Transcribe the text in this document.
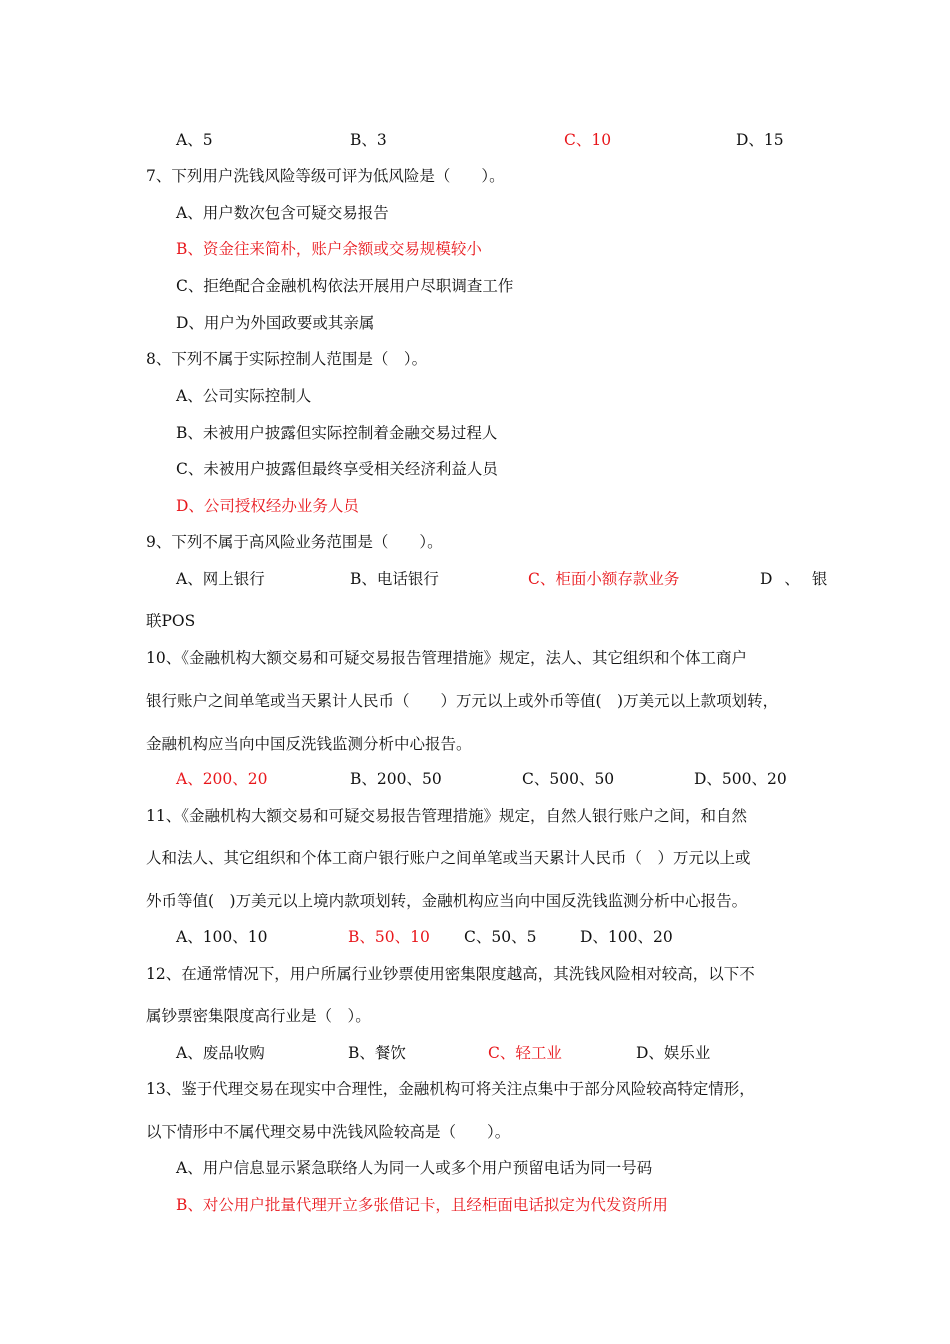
A、5	B、3	C、10	D、15
7、下列用户洗钱风险等级可评为低风险是（　　）。
A、用户数次包含可疑交易报告
B、资金往来简朴，账户余额或交易规模较小
C、拒绝配合金融机构依法开展用户尽职调查工作
D、用户为外国政要或其亲属
8、下列不属于实际控制人范围是（　）。
A、公司实际控制人
B、未被用户披露但实际控制着金融交易过程人
C、未被用户披露但最终享受相关经济利益人员
D、公司授权经办业务人员
9、下列不属于高风险业务范围是（　　）。
A、网上银行	B、电话银行	C、柜面小额存款业务	D、银
联POS
10、《金融机构大额交易和可疑交易报告管理措施》规定，法人、其它组织和个体工商户
银行账户之间单笔或当天累计人民币（　　）万元以上或外币等值(　)万美元以上款项划转，
金融机构应当向中国反洗钱监测分析中心报告。
A、200、20	B、200、50	C、500、50	D、500、20
11、《金融机构大额交易和可疑交易报告管理措施》规定，自然人银行账户之间，和自然
人和法人、其它组织和个体工商户银行账户之间单笔或当天累计人民币（　）万元以上或
外币等值(　)万美元以上境内款项划转，金融机构应当向中国反洗钱监测分析中心报告。
A、100、10	B、50、10 C、50、5	D、100、20
12、在通常情况下，用户所属行业钞票使用密集限度越高，其洗钱风险相对较高，以下不
属钞票密集限度高行业是（　）。
A、废品收购	B、餐饮	C、轻工业	D、娱乐业
13、鉴于代理交易在现实中合理性，金融机构可将关注点集中于部分风险较高特定情形，
以下情形中不属代理交易中洗钱风险较高是（　　）。
A、用户信息显示紧急联络人为同一人或多个用户预留电话为同一号码
B、对公用户批量代理开立多张借记卡，且经柜面电话拟定为代发资所用
